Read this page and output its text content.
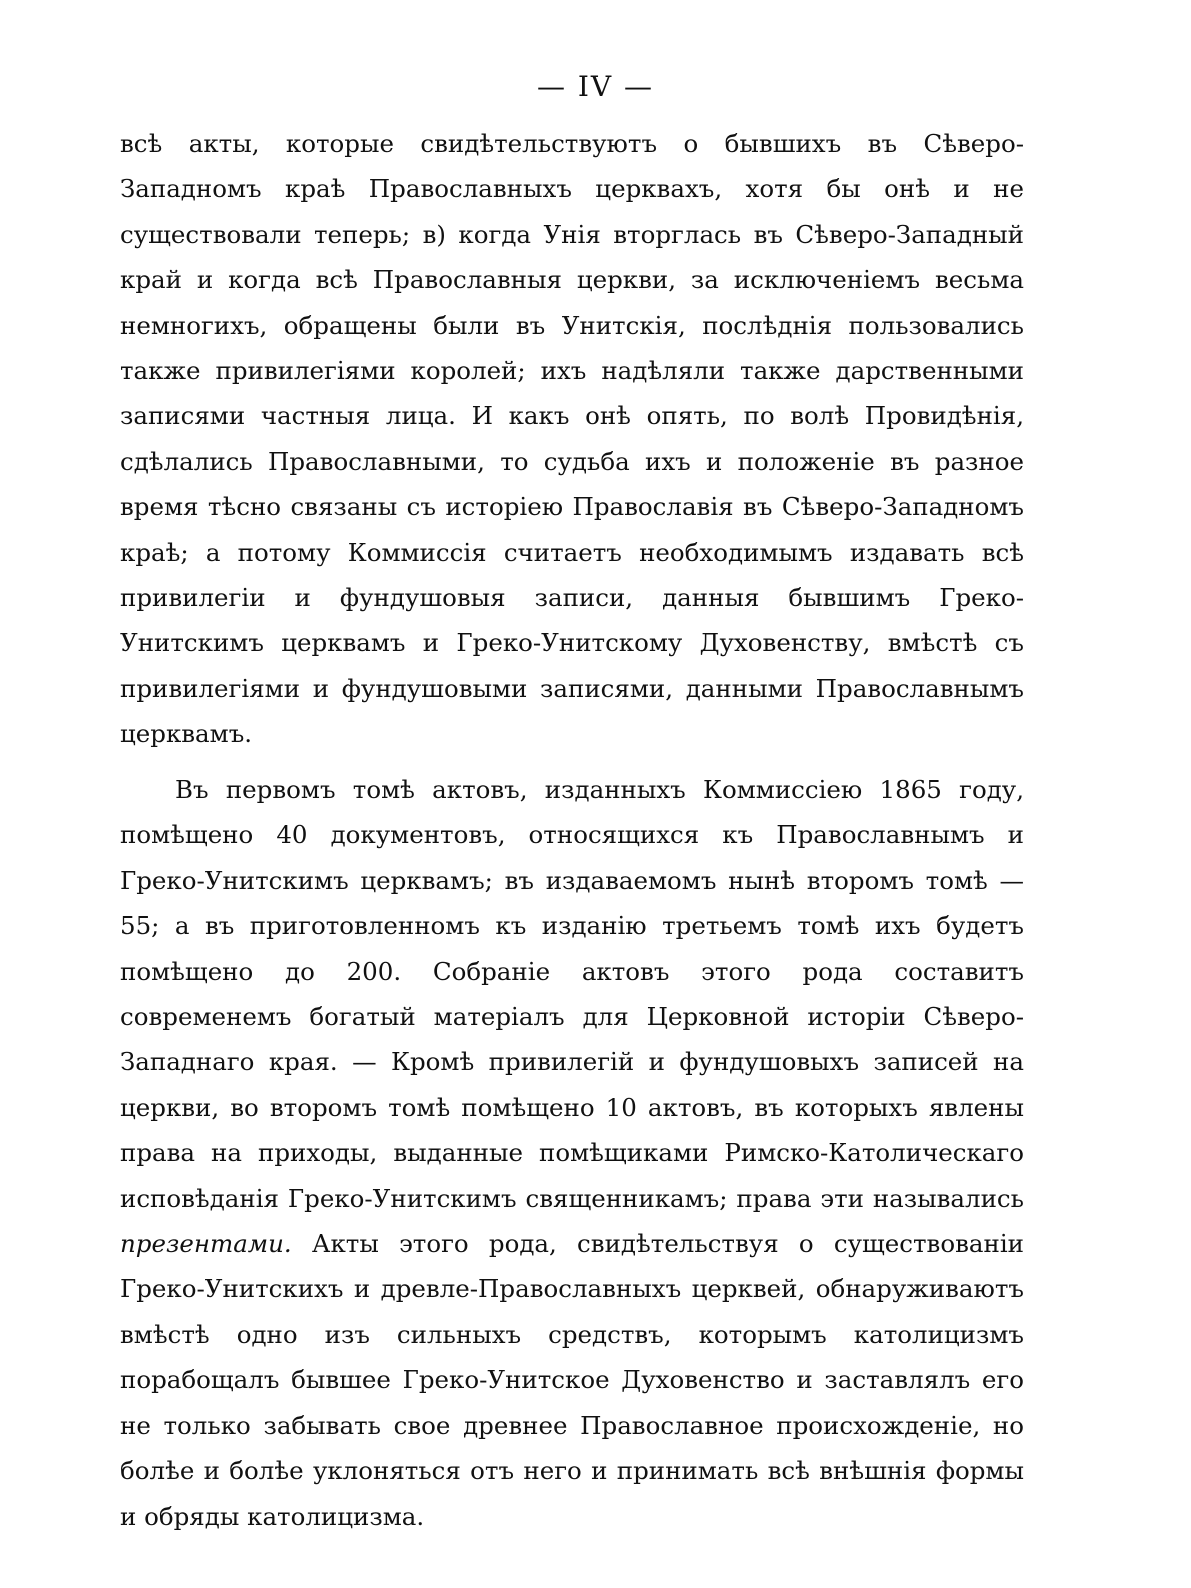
— IV —

всѣ акты, которые свидѣтельствуютъ о бывшихъ въ Сѣверо-Западномъ краѣ Православныхъ церквахъ, хотя бы онѣ и не существовали теперь; в) когда Унія вторглась въ Сѣверо-Западный край и когда всѣ Православныя церкви, за исключеніемъ весьма немногихъ, обращены были въ Унитскія, послѣднія пользовались также привилегіями королей; ихъ надѣляли также дарственными записями частныя лица. И какъ онѣ опять, по волѣ Провидѣнія, сдѣлались Православными, то судьба ихъ и положеніе въ разное время тѣсно связаны съ исторіею Православія въ Сѣверо-Западномъ краѣ; а потому Коммиссія считаетъ необходимымъ издавать всѣ привилегіи и фундушовыя записи, данныя бывшимъ Греко-Унитскимъ церквамъ и Греко-Унитскому Духовенству, вмѣстѣ съ привилегіями и фундушовыми записями, данными Православнымъ церквамъ.

Въ первомъ томѣ актовъ, изданныхъ Коммиссіею 1865 году, помѣщено 40 документовъ, относящихся къ Православнымъ и Греко-Унитскимъ церквамъ; въ издаваемомъ нынѣ второмъ томѣ — 55; а въ приготовленномъ къ изданію третьемъ томѣ ихъ будетъ помѣщено до 200. Собраніе актовъ этого рода составитъ современемъ богатый матеріалъ для Церковной исторіи Сѣверо-Западнаго края. — Кромѣ привилегій и фундушовыхъ записей на церкви, во второмъ томѣ помѣщено 10 актовъ, въ которыхъ явлены права на приходы, выданные помѣщиками Римско-Католическаго исповѣданія Греко-Унитскимъ священникамъ; права эти назывались презентами. Акты этого рода, свидѣтельствуя о существованіи Греко-Унитскихъ и древле-Православныхъ церквей, обнаруживаютъ вмѣстѣ одно изъ сильныхъ средствъ, которымъ католицизмъ порабощалъ бывшее Греко-Унитское Духовенство и заставлялъ его не только забывать свое древнее Православное происхожденіе, но болѣе и болѣе уклоняться отъ него и принимать всѣ внѣшнія формы и обряды католицизма.
